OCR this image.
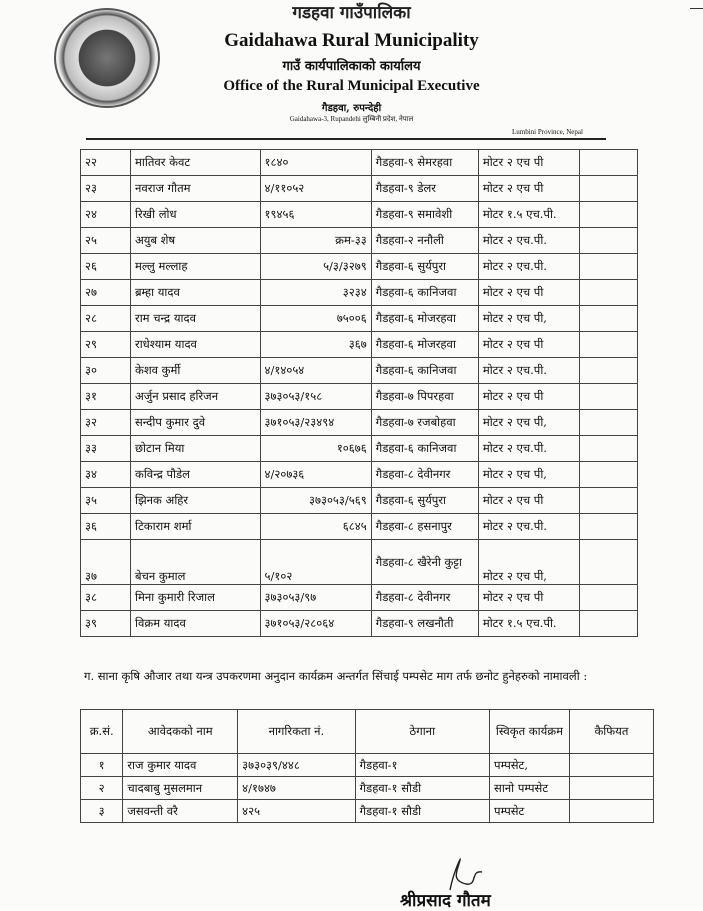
गडहवा गाउँपालिका
Gaidahawa Rural Municipality
गाउँ कार्यपालिकाको कार्यालय
Office of the Rural Municipal Executive
गैडहवा, रुपन्देही
Gaidahawa-3, Rupandehi लुम्बिनी प्रदेश, नेपाल
Lumbini Province, Nepal
२२	मातिवर केवट	१८४०	गैडहवा-९ सेमरहवा	मोटर २ एच पी	
२३	नवराज गौतम	४/११०५२	गैडहवा-९ डेलर	मोटर २ एच पी	
२४	रिखी लोध	१९४५६	गैडहवा-९ समावेशी	मोटर १.५ एच.पी.	
२५	अयुब शेष	क्रम-३३	गैडहवा-२ ननौली	मोटर २ एच.पी.	
२६	मल्लु मल्लाह	५/३/३२७९	गैडहवा-६ सुर्यपुरा	मोटर २ एच.पी.	
२७	ब्रम्हा यादव	३२३४	गैडहवा-६ कानिजवा	मोटर २ एच पी	
२८	राम चन्द्र यादव	७५००६	गैडहवा-६ मोजरहवा	मोटर २ एच पी,	
२९	राधेश्याम यादव	३६७	गैडहवा-६ मोजरहवा	मोटर २ एच पी	
३०	केशव कुर्मी	४/१४०५४	गैडहवा-६ कानिजवा	मोटर २ एच.पी.	
३१	अर्जुन प्रसाद हरिजन	३७३०५३/१५८	गैडहवा-७ पिपरहवा	मोटर २ एच पी	
३२	सन्दीप कुमार दुवे	३७१०५३/२३४९४	गैडहवा-७ रजबोहवा	मोटर २ एच पी,	
३३	छोटान मिया	१०६७६	गैडहवा-६ कानिजवा	मोटर २ एच.पी.	
३४	कविन्द्र पौडेल	४/२०७३६	गैडहवा-८ देवीनगर	मोटर २ एच पी,	
३५	झिनक अहिर	३७३०५३/५६९	गैडहवा-६ सुर्यपुरा	मोटर २ एच पी	
३६	टिकाराम शर्मा	६८४५	गैडहवा-८ हसनापुर	मोटर २ एच.पी.	
३७	बेचन कुमाल	५/१०२	गैडहवा-८ खैरेनी कुट्टा	मोटर २ एच पी,	
३८	मिना कुमारी रिजाल	३७३०५३/९७	गैडहवा-८ देवीनगर	मोटर २ एच पी	
३९	विक्रम यादव	३७१०५३/२८०६४	गैडहवा-९ लखनौती	मोटर १.५ एच.पी.	
ग. साना कृषि औजार तथा यन्त्र उपकरणमा अनुदान कार्यक्रम अन्तर्गत सिंचाई पम्पसेट माग तर्फ छनोट हुनेहरुको नामावली :
क्र.सं.	आवेदकको नाम	नागरिकता नं.	ठेगाना	स्विकृत कार्यक्रम	कैफियत
१	राज कुमार यादव	३७३०३९/४४८	गैडहवा-१	पम्पसेट,	
२	चादबाबु मुसलमान	४/१७४७	गैडहवा-१ सौडी	सानो पम्पसेट	
३	जसवन्ती वरै	४२५	गैडहवा-१ सौडी	पम्पसेट	
श्रीप्रसाद गौतम
